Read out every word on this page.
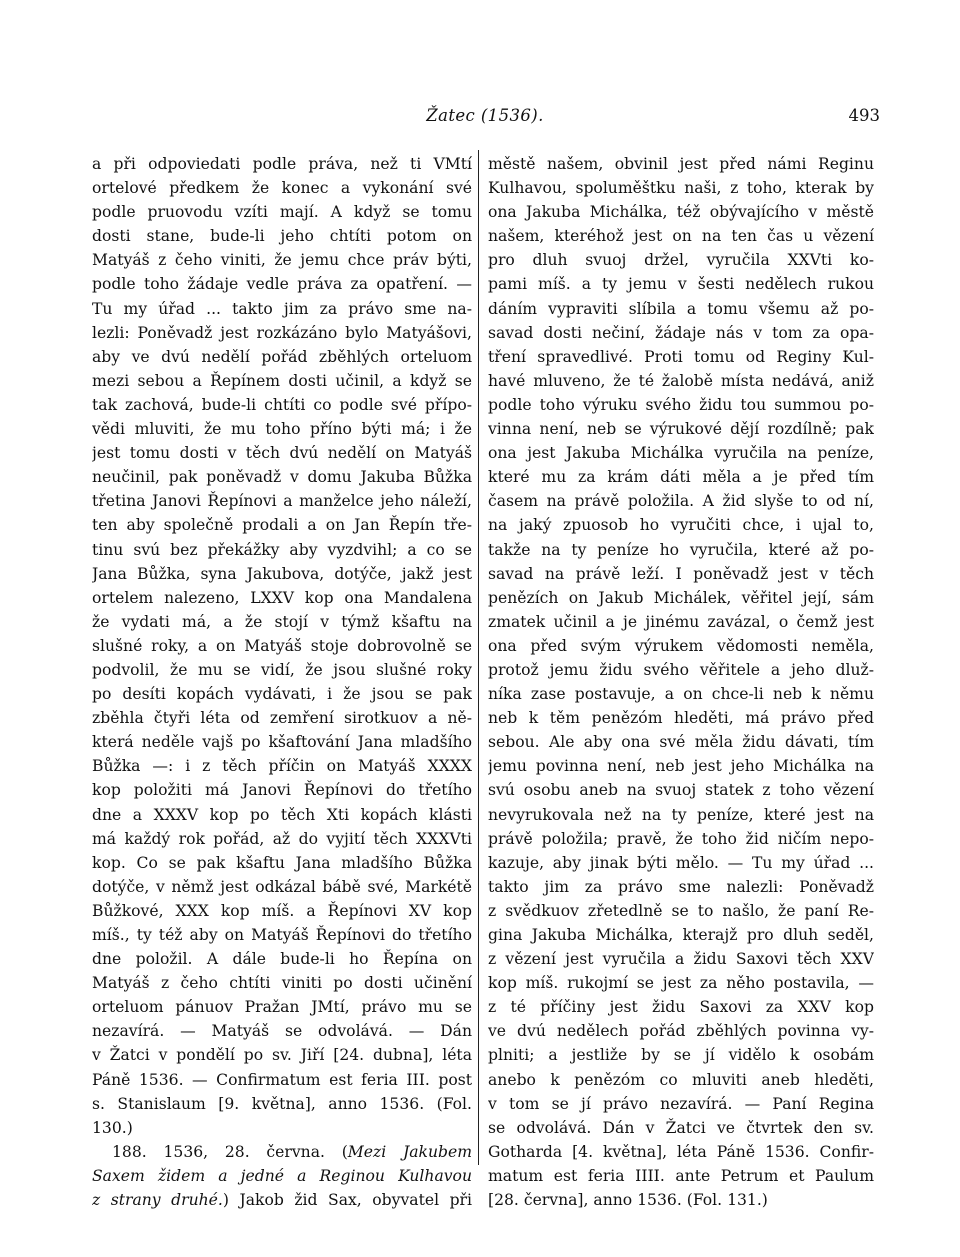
Žatec (1536).	493
a při odpoviedati podle práva, než ti VMtí
ortelové předkem že konec a vykonání své
podle pruovodu vzíti mají. A když se tomu
dosti stane, bude-li jeho chtíti potom on
Matyáš z čeho viniti, že jemu chce práv býti,
podle toho žádaje vedle práva za opatření. —
Tu my úřad ... takto jim za právo sme na-
lezli: Poněvadž jest rozkázáno bylo Matyášovi,
aby ve dvú nedělí pořád zběhlých orteluom
mezi sebou a Řepínem dosti učinil, a když se
tak zachová, bude-li chtíti co podle své přípo-
vědi mluviti, že mu toho příno býti má; i že
jest tomu dosti v těch dvú nedělí on Matyáš
neučinil, pak poněvadž v domu Jakuba Bůžka
třetina Janovi Řepínovi a manželce jeho náleží,
ten aby společně prodali a on Jan Řepín tře-
tinu svú bez překážky aby vyzdvihl; a co se
Jana Bůžka, syna Jakubova, dotýče, jakž jest
ortelem nalezeno, LXXV kop ona Mandalena
že vydati má, a že stojí v týmž kšaftu na
slušné roky, a on Matyáš stoje dobrovolně se
podvolil, že mu se vidí, že jsou slušné roky
po desíti kopách vydávati, i že jsou se pak
zběhla čtyři léta od zemření sirotkuov a ně-
která neděle vajš po kšaftování Jana mladšího
Bůžka —: i z těch příčin on Matyáš XXXX
kop položiti má Janovi Řepínovi do třetího
dne a XXXV kop po těch Xti kopách klásti
má každý rok pořád, až do vyjití těch XXXVti
kop. Co se pak kšaftu Jana mladšího Bůžka
dotýče, v němž jest odkázal bábě své, Markétě
Bůžkové, XXX kop míš. a Řepínovi XV kop
míš., ty též aby on Matyáš Řepínovi do třetího
dne položil. A dále bude-li ho Řepína on
Matyáš z čeho chtíti viniti po dosti učinění
orteluom pánuov Pražan JMtí, právo mu se
nezavírá. — Matyáš se odvolává. — Dán
v Žatci v pondělí po sv. Jiří [24. dubna], léta
Páně 1536. — Confirmatum est feria III. post
s. Stanislaum [9. května], anno 1536. (Fol.
130.)
188. 1536, 28. června. (Mezi Jakubem
Saxem židem a jedné a Reginou Kulhavou
z strany druhé.) Jakob žid Sax, obyvatel při
městě našem, obvinil jest před námi Reginu
Kulhavou, spoluměštku naši, z toho, kterak by
ona Jakuba Michálka, též obývajícího v městě
našem, kteréhož jest on na ten čas u vězení
pro dluh svuoj držel, vyručila XXVti ko-
pami míš. a ty jemu v šesti nedělech rukou
dáním vypraviti slíbila a tomu všemu až po-
savad dosti nečiní, žádaje nás v tom za opa-
tření spravedlivé. Proti tomu od Reginy Kul-
havé mluveno, že té žalobě místa nedává, aniž
podle toho výruku svého židu tou summou po-
vinna není, neb se výrukové dějí rozdílně; pak
ona jest Jakuba Michálka vyručila na peníze,
které mu za krám dáti měla a je před tím
časem na právě položila. A žid slyše to od ní,
na jaký zpuosob ho vyručiti chce, i ujal to,
takže na ty peníze ho vyručila, které až po-
savad na právě leží. I poněvadž jest v těch
penězích on Jakub Michálek, věřitel její, sám
zmatek učinil a je jinému zavázal, o čemž jest
ona před svým výrukem vědomosti neměla,
protož jemu židu svého věřitele a jeho dluž-
níka zase postavuje, a on chce-li neb k němu
neb k těm penězóm hleděti, má právo před
sebou. Ale aby ona své měla židu dávati, tím
jemu povinna není, neb jest jeho Michálka na
svú osobu aneb na svuoj statek z toho vězení
nevyrukovala než na ty peníze, které jest na
právě položila; pravě, že toho žid ničím nepo-
kazuje, aby jinak býti mělo. — Tu my úřad ...
takto jim za právo sme nalezli: Poněvadž
z svědkuov zřetedlně se to našlo, že paní Re-
gina Jakuba Michálka, kterajž pro dluh seděl,
z vězení jest vyručila a židu Saxovi těch XXV
kop míš. rukojmí se jest za něho postavila, —
z té příčiny jest židu Saxovi za XXV kop
ve dvú nedělech pořád zběhlých povinna vy-
plniti; a jestliže by se jí vidělo k osobám
anebo k penězóm co mluviti aneb hleděti,
v tom se jí právo nezavírá. — Paní Regina
se odvolává. Dán v Žatci ve čtvrtek den sv.
Gotharda [4. května], léta Páně 1536. Confir-
matum est feria IIII. ante Petrum et Paulum
[28. června], anno 1536. (Fol. 131.)
